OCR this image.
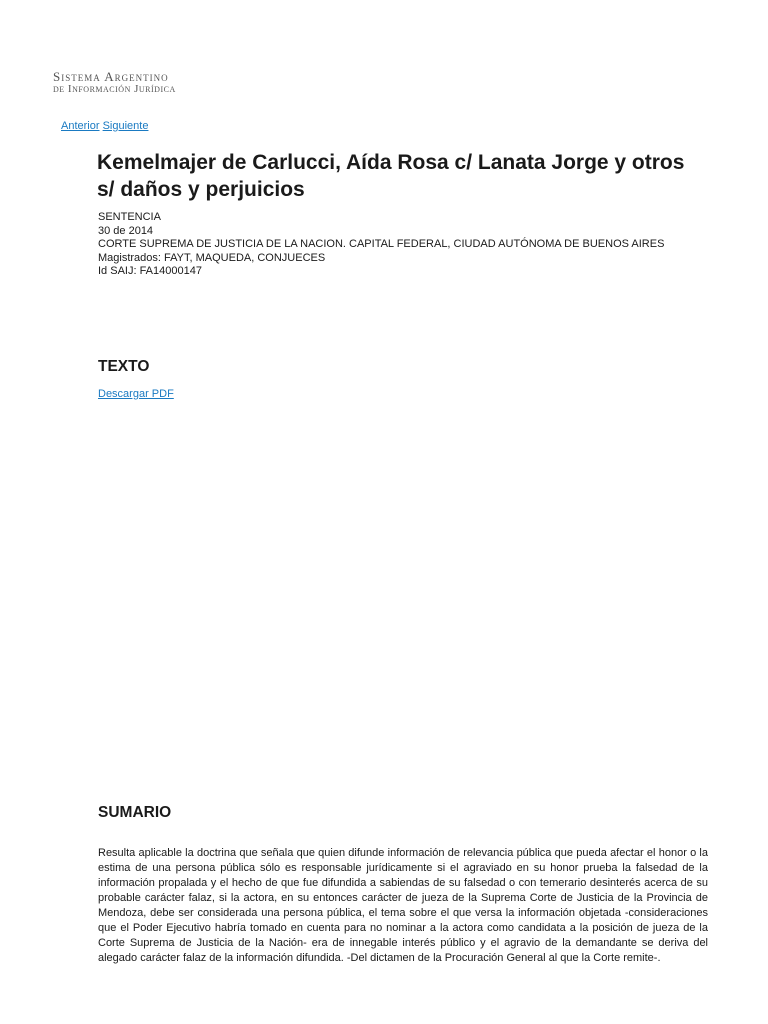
Sistema Argentino
de Información Jurídica
Anterior Siguiente
Kemelmajer de Carlucci, Aída Rosa c/ Lanata Jorge y otros s/ daños y perjuicios
SENTENCIA
30 de 2014
CORTE SUPREMA DE JUSTICIA DE LA NACION. CAPITAL FEDERAL, CIUDAD AUTÓNOMA DE BUENOS AIRES
Magistrados: FAYT, MAQUEDA, CONJUECES
Id SAIJ: FA14000147
TEXTO
Descargar PDF
SUMARIO

Resulta aplicable la doctrina que señala que quien difunde información de relevancia pública que pueda afectar el honor o la estima de una persona pública sólo es responsable jurídicamente si el agraviado en su honor prueba la falsedad de la información propalada y el hecho de que fue difundida a sabiendas de su falsedad o con temerario desinterés acerca de su probable carácter falaz, si la actora, en su entonces carácter de jueza de la Suprema Corte de Justicia de la Provincia de Mendoza, debe ser considerada una persona pública, el tema sobre el que versa la información objetada -consideraciones que el Poder Ejecutivo habría tomado en cuenta para no nominar a la actora como candidata a la posición de jueza de la Corte Suprema de Justicia de la Nación- era de innegable interés público y el agravio de la demandante se deriva del alegado carácter falaz de la información difundida. -Del dictamen de la Procuración General al que la Corte remite-.
